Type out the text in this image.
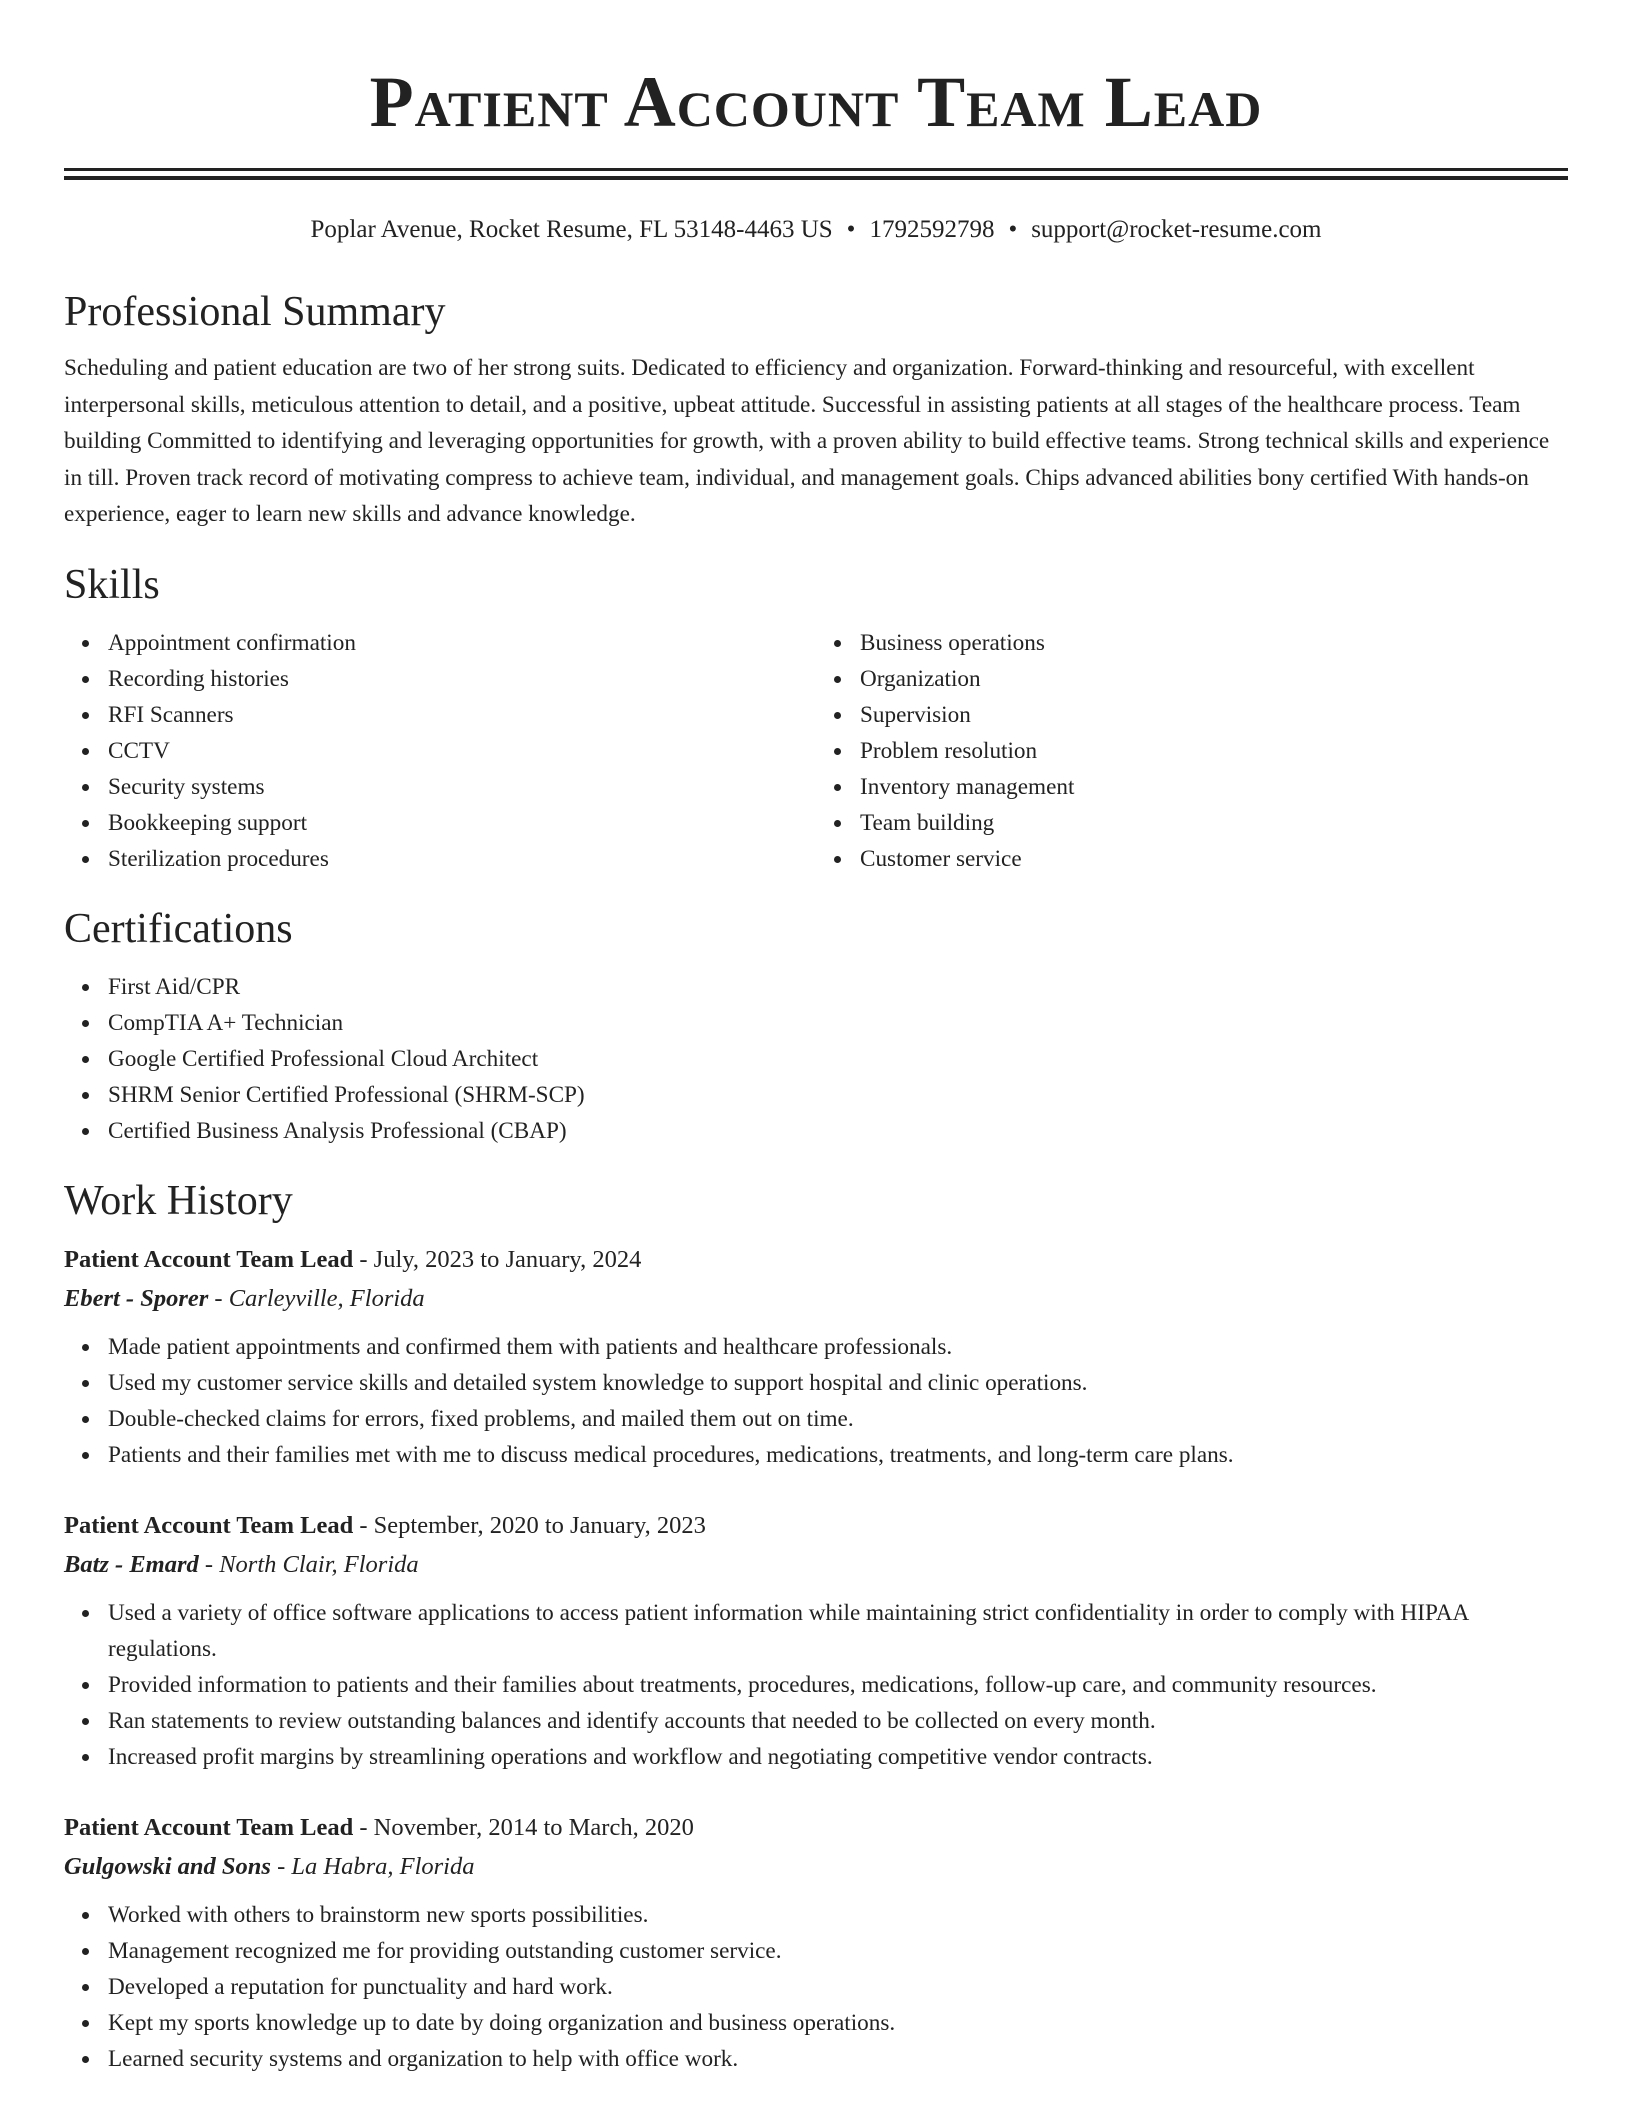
Patient Account Team Lead
Poplar Avenue, Rocket Resume, FL 53148-4463 US • 1792592798 • support@rocket-resume.com
Professional Summary

Scheduling and patient education are two of her strong suits. Dedicated to efficiency and organization. Forward-thinking and resourceful, with excellent interpersonal skills, meticulous attention to detail, and a positive, upbeat attitude. Successful in assisting patients at all stages of the healthcare process. Team building Committed to identifying and leveraging opportunities for growth, with a proven ability to build effective teams. Strong technical skills and experience in till. Proven track record of motivating compress to achieve team, individual, and management goals. Chips advanced abilities bony certified With hands-on experience, eager to learn new skills and advance knowledge.

Skills
Appointment confirmation
Recording histories
RFI Scanners
CCTV
Security systems
Bookkeeping support
Sterilization procedures
Business operations
Organization
Supervision
Problem resolution
Inventory management
Team building
Customer service
Certifications
First Aid/CPR
CompTIA A+ Technician
Google Certified Professional Cloud Architect
SHRM Senior Certified Professional (SHRM-SCP)
Certified Business Analysis Professional (CBAP)
Work History
Patient Account Team Lead - July, 2023 to January, 2024
Ebert - Sporer - Carleyville, Florida
Made patient appointments and confirmed them with patients and healthcare professionals.
Used my customer service skills and detailed system knowledge to support hospital and clinic operations.
Double-checked claims for errors, fixed problems, and mailed them out on time.
Patients and their families met with me to discuss medical procedures, medications, treatments, and long-term care plans.
Patient Account Team Lead - September, 2020 to January, 2023
Batz - Emard - North Clair, Florida
Used a variety of office software applications to access patient information while maintaining strict confidentiality in order to comply with HIPAA regulations.
Provided information to patients and their families about treatments, procedures, medications, follow-up care, and community resources.
Ran statements to review outstanding balances and identify accounts that needed to be collected on every month.
Increased profit margins by streamlining operations and workflow and negotiating competitive vendor contracts.
Patient Account Team Lead - November, 2014 to March, 2020
Gulgowski and Sons - La Habra, Florida
Worked with others to brainstorm new sports possibilities.
Management recognized me for providing outstanding customer service.
Developed a reputation for punctuality and hard work.
Kept my sports knowledge up to date by doing organization and business operations.
Learned security systems and organization to help with office work.
